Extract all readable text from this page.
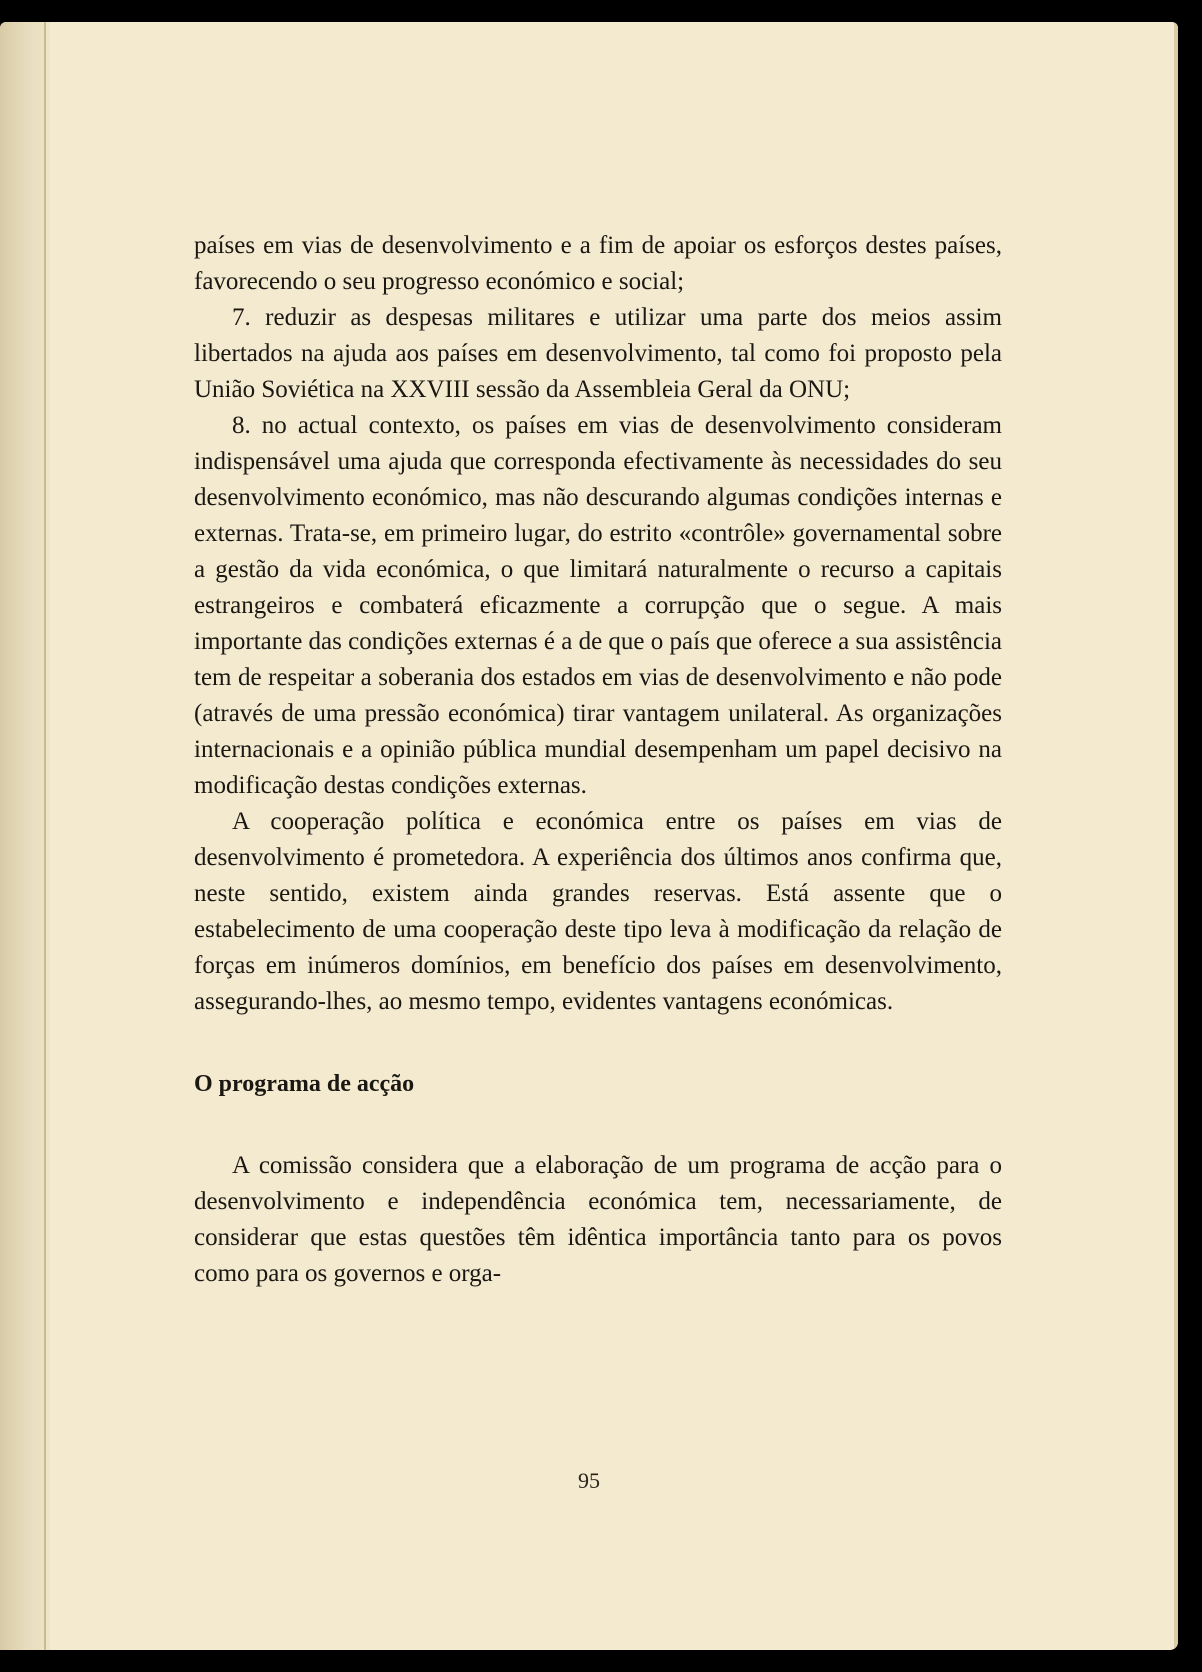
países em vias de desenvolvimento e a fim de apoiar os esforços destes países, favorecendo o seu progresso económico e social;

7. reduzir as despesas militares e utilizar uma parte dos meios assim libertados na ajuda aos países em desenvolvimento, tal como foi proposto pela União Soviética na XXVIII sessão da Assembleia Geral da ONU;

8. no actual contexto, os países em vias de desenvolvimento consideram indispensável uma ajuda que corresponda efectivamente às necessidades do seu desenvolvimento económico, mas não descurando algumas condições internas e externas. Trata-se, em primeiro lugar, do estrito «contrôle» governamental sobre a gestão da vida económica, o que limitará naturalmente o recurso a capitais estrangeiros e combaterá eficazmente a corrupção que o segue. A mais importante das condições externas é a de que o país que oferece a sua assistência tem de respeitar a soberania dos estados em vias de desenvolvimento e não pode (através de uma pressão económica) tirar vantagem unilateral. As organizações internacionais e a opinião pública mundial desempenham um papel decisivo na modificação destas condições externas.

A cooperação política e económica entre os países em vias de desenvolvimento é prometedora. A experiência dos últimos anos confirma que, neste sentido, existem ainda grandes reservas. Está assente que o estabelecimento de uma cooperação deste tipo leva à modificação da relação de forças em inúmeros domínios, em benefício dos países em desenvolvimento, assegurando-lhes, ao mesmo tempo, evidentes vantagens económicas.

O programa de acção

A comissão considera que a elaboração de um programa de acção para o desenvolvimento e independência económica tem, necessariamente, de considerar que estas questões têm idêntica importância tanto para os povos como para os governos e orga-

95
